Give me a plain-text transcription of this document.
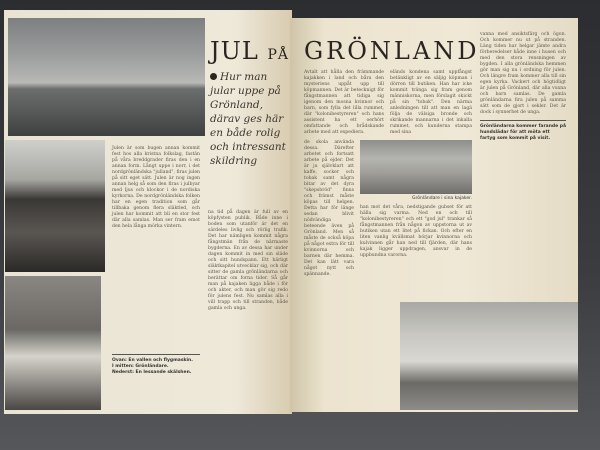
JUL PÅ
Hur man jular uppe på Grönland, därav ges här en både rolig och intressant skildring
Julen är som bugen annan kommit fest hos alla kristna folkslag, fastän på våra breddgrader firas den i en annan form. Långt uppe i norr, i det nordgrönländska "julland", firas julen på sitt eget sätt. Julen är nog ingen annan helg så som den firas i julbyar med ljus och klockor i de nordiska kyrkorna. De nordgrönländska folken har en egen tradition som går tillbaka genom flera släktled, och julen har kommit att bli en stor fest där alla samlas. Man ser fram emot den hela långa mörka vintern.
na tid på dagen är full av en köpfysten publik. Både inne i boden som utanför är det en särdeles livlig och rörlig trafik. Det har nämligen kommit några fångstmän från de närmaste bygderna. En av dessa har under dagen kommit in med sin släde och sitt hundspann. Ett härligt släktkapitel utvecklar sig, och där sitter de gamla grönländarna och berättar om forna tider. Så går man på kajaken ligga både i för och akter, och man gör sig redo för julens fest. Nu samlas alla i vill trapp och till stranden, både gamla och unga.
Ovan: En vallen och flygmaskin.
I mitten: Grönländare.
Nederst: En lessande skälshen.
GRÖNLAND
Avtalt att hålla den främmande kajakken i land och båra den mysteriens uppåt upp till köpmannen. Det är betecknigt för fångstmannen att tidiga sig igenom den mosna kvinnor och barn, som fylla det lilla rummet, där "kolonibestyreren" och hans assistent ha ett oerhört omfattande och brådskande arbete med att expediera.
eländs kondena samt uppfångst betänkligt av en säljig köpman i dörren till butiken. Han har icke kommit tränga sig fram genom människorna, men förslagit skickt på sin "tobak". Den närma anledningen till att man en lagä följa de välsiga bronde och skrikande mannarna i det inkalla rummet, och kunderna stampa med sina
de skola använda dessa. Därefter arbetet och fortsatt arbete på ejder. Det är ju självklart att kaffe, socker och tobak samt några bitar av det dyra "skepsbröd" finns och främst måste köpas till helgen. Detta har för länge sedan blivit nödvändiga beteende även på Grönland. Men så måste de också köpa på något extra för till kvinnorna och barnen där hemma. Det kan lätt vara något nytt och spännande.
Grönländare i sina kajaker.
han mot det våra, nedstigande gubset för att hälla sig varma. Ned en och till "kolonibestyreren" och ett "god jul" trankar så fångstmannen från någon av uppstorna ut av butiken utan ett litet på fickan. Och efter en liten vanlig kvällsmat börjar kvinnorna och kulvinnen går han ned till fjärden, där hans kajak ligger uppdragen, ansvar in de uppbundna varorna.
vanna med ansiktsfärg och ögon. Och kommer nu ut på stranden. Läng tiden har helgar jämte andra förberedelser både inne i husen och med den stora rensningen av bygden. I alla grönländska hemmen gör man sig nu i ordning för julen. Och längre fram kommer alla till sin egen kyrka. Vackert och högtidligt är julen på Grönland, där alla vuxna och barn samlas. De gamla grönländarna fira julen på samma sätt som de gjort i sekler. Det är dock i synnerhet de unga.
Grönländarna kommer farande på hundslädar för att möta ett fartyg som kommit på visit.
